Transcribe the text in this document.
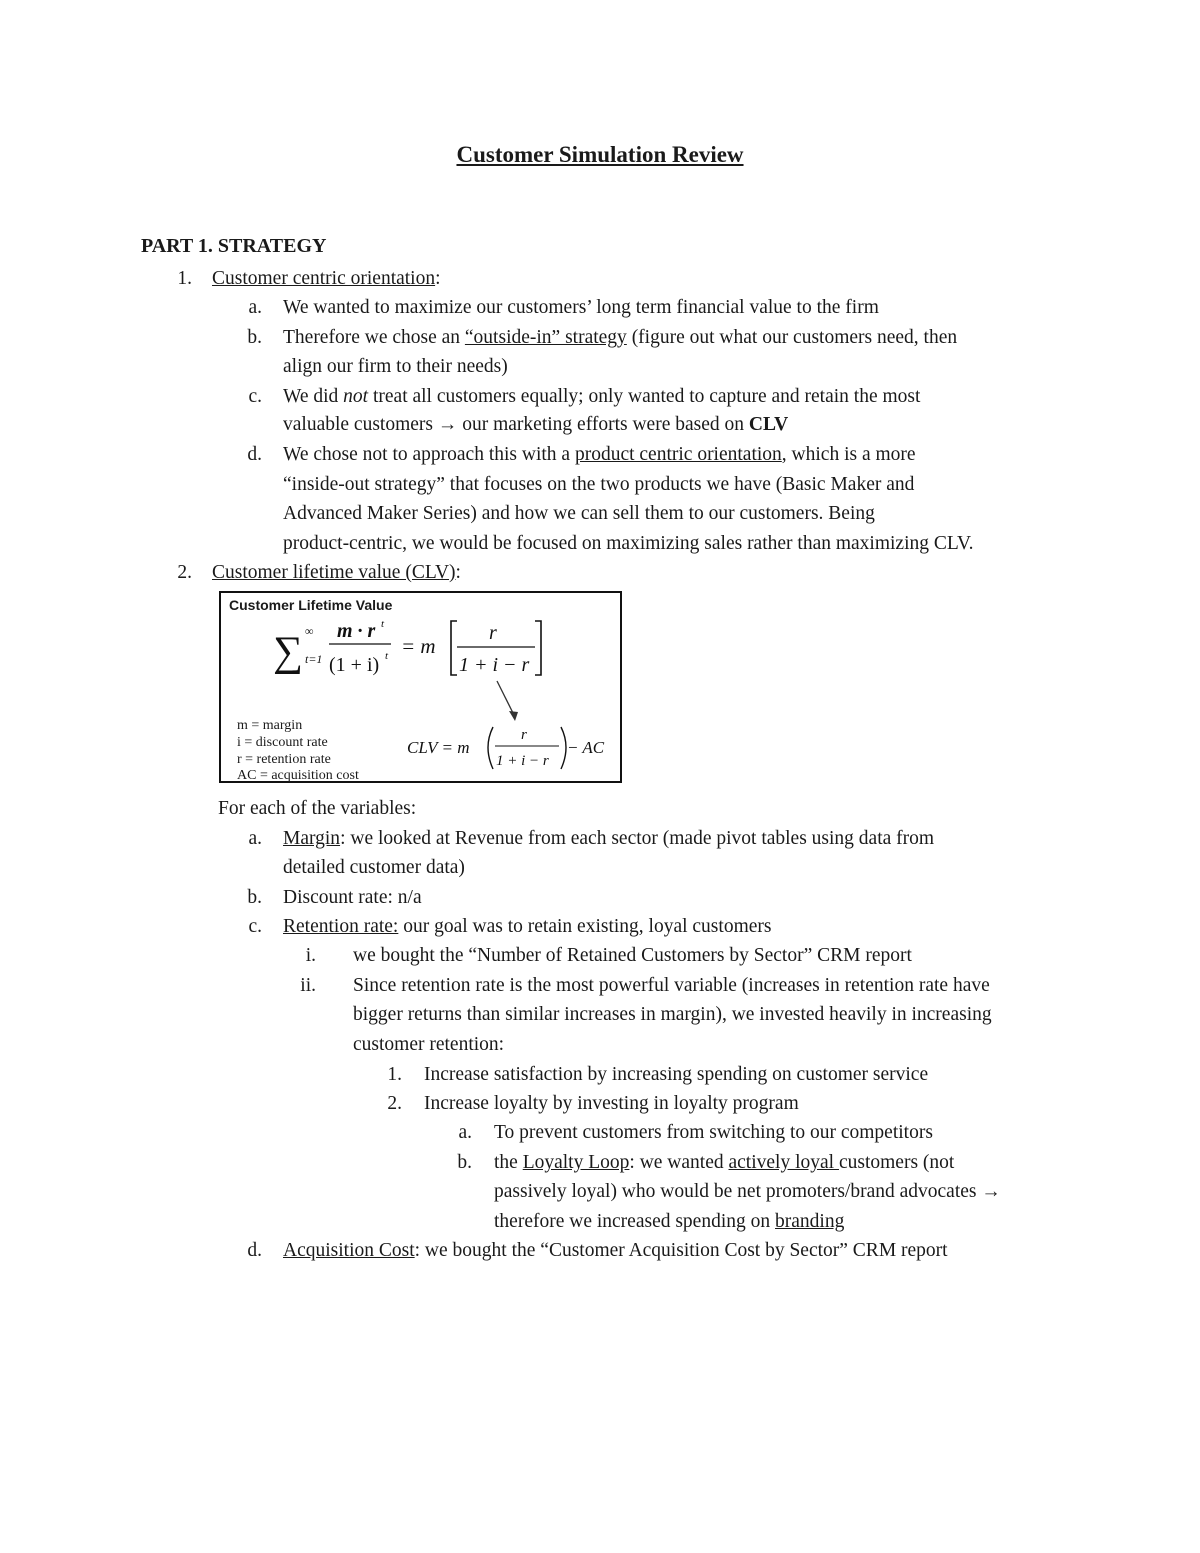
Customer Simulation Review
PART 1. STRATEGY
1. Customer centric orientation:
a. We wanted to maximize our customers’ long term financial value to the firm
b. Therefore we chose an “outside-in” strategy (figure out what our customers need, then
align our firm to their needs)
c. We did not treat all customers equally; only wanted to capture and retain the most
valuable customers → our marketing efforts were based on CLV
d. We chose not to approach this with a product centric orientation, which is a more
“inside-out strategy” that focuses on the two products we have (Basic Maker and
Advanced Maker Series) and how we can sell them to our customers. Being
product-centric, we would be focused on maximizing sales rather than maximizing CLV.
2. Customer lifetime value (CLV):
Customer Lifetime Value
∑ ∞
t=1
m · r t
(1 + i) t = m
r
1 + i − r
CLV = m
r
1 + i − r
− AC
m = margin
i = discount rate
r = retention rate
AC = acquisition cost
For each of the variables:
a. Margin: we looked at Revenue from each sector (made pivot tables using data from
detailed customer data)
b. Discount rate: n/a
c. Retention rate: our goal was to retain existing, loyal customers
i. we bought the “Number of Retained Customers by Sector” CRM report
ii. Since retention rate is the most powerful variable (increases in retention rate have
bigger returns than similar increases in margin), we invested heavily in increasing
customer retention:
1. Increase satisfaction by increasing spending on customer service
2. Increase loyalty by investing in loyalty program
a. To prevent customers from switching to our competitors
b. the Loyalty Loop: we wanted actively loyal customers (not
passively loyal) who would be net promoters/brand advocates →
therefore we increased spending on branding
d. Acquisition Cost: we bought the “Customer Acquisition Cost by Sector” CRM report
